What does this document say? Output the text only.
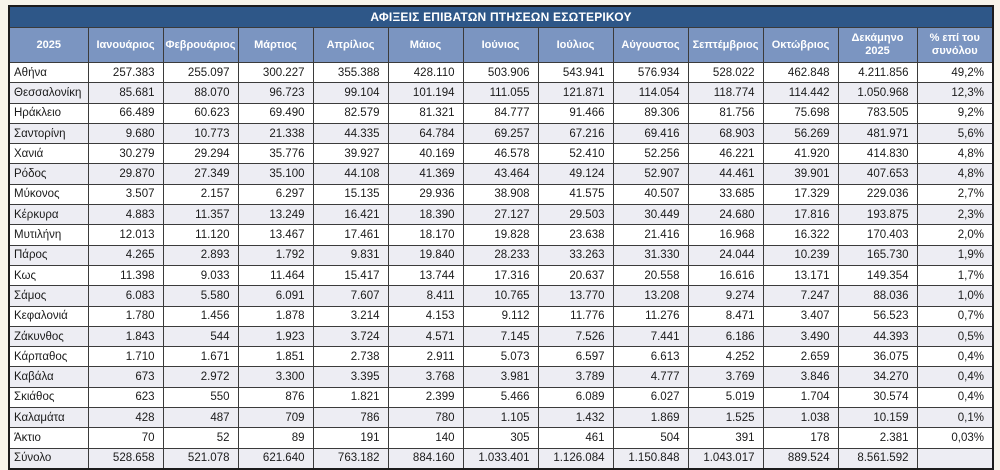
ΑΦΙΞΕΙΣ ΕΠΙΒΑΤΩΝ ΠΤΗΣΕΩΝ ΕΣΩΤΕΡΙΚΟΥ												
2025	Ιανουάριος	Φεβρουάριος	Μάρτιος	Απρίλιος	Μάιος	Ιούνιος	Ιούλιος	Αύγουστος	Σεπτέμβριος	Οκτώβριος	Δεκάμηνο 2025	% επί του συνόλου
Αθήνα	257.383	255.097	300.227	355.388	428.110	503.906	543.941	576.934	528.022	462.848	4.211.856	49,2%
Θεσσαλονίκη	85.681	88.070	96.723	99.104	101.194	111.055	121.871	114.054	118.774	114.442	1.050.968	12,3%
Ηράκλειο	66.489	60.623	69.490	82.579	81.321	84.777	91.466	89.306	81.756	75.698	783.505	9,2%
Σαντορίνη	9.680	10.773	21.338	44.335	64.784	69.257	67.216	69.416	68.903	56.269	481.971	5,6%
Χανιά	30.279	29.294	35.776	39.927	40.169	46.578	52.410	52.256	46.221	41.920	414.830	4,8%
Ρόδος	29.870	27.349	35.100	44.108	41.369	43.464	49.124	52.907	44.461	39.901	407.653	4,8%
Μύκονος	3.507	2.157	6.297	15.135	29.936	38.908	41.575	40.507	33.685	17.329	229.036	2,7%
Κέρκυρα	4.883	11.357	13.249	16.421	18.390	27.127	29.503	30.449	24.680	17.816	193.875	2,3%
Μυτιλήνη	12.013	11.120	13.467	17.461	18.170	19.828	23.638	21.416	16.968	16.322	170.403	2,0%
Πάρος	4.265	2.893	1.792	9.831	19.840	28.233	33.263	31.330	24.044	10.239	165.730	1,9%
Κως	11.398	9.033	11.464	15.417	13.744	17.316	20.637	20.558	16.616	13.171	149.354	1,7%
Σάμος	6.083	5.580	6.091	7.607	8.411	10.765	13.770	13.208	9.274	7.247	88.036	1,0%
Κεφαλονιά	1.780	1.456	1.878	3.214	4.153	9.112	11.776	11.276	8.471	3.407	56.523	0,7%
Ζάκυνθος	1.843	544	1.923	3.724	4.571	7.145	7.526	7.441	6.186	3.490	44.393	0,5%
Κάρπαθος	1.710	1.671	1.851	2.738	2.911	5.073	6.597	6.613	4.252	2.659	36.075	0,4%
Καβάλα	673	2.972	3.300	3.395	3.768	3.981	3.789	4.777	3.769	3.846	34.270	0,4%
Σκιάθος	623	550	876	1.821	2.399	5.466	6.089	6.027	5.019	1.704	30.574	0,4%
Καλαμάτα	428	487	709	786	780	1.105	1.432	1.869	1.525	1.038	10.159	0,1%
Άκτιο	70	52	89	191	140	305	461	504	391	178	2.381	0,03%
Σύνολο	528.658	521.078	621.640	763.182	884.160	1.033.401	1.126.084	1.150.848	1.043.017	889.524	8.561.592	
